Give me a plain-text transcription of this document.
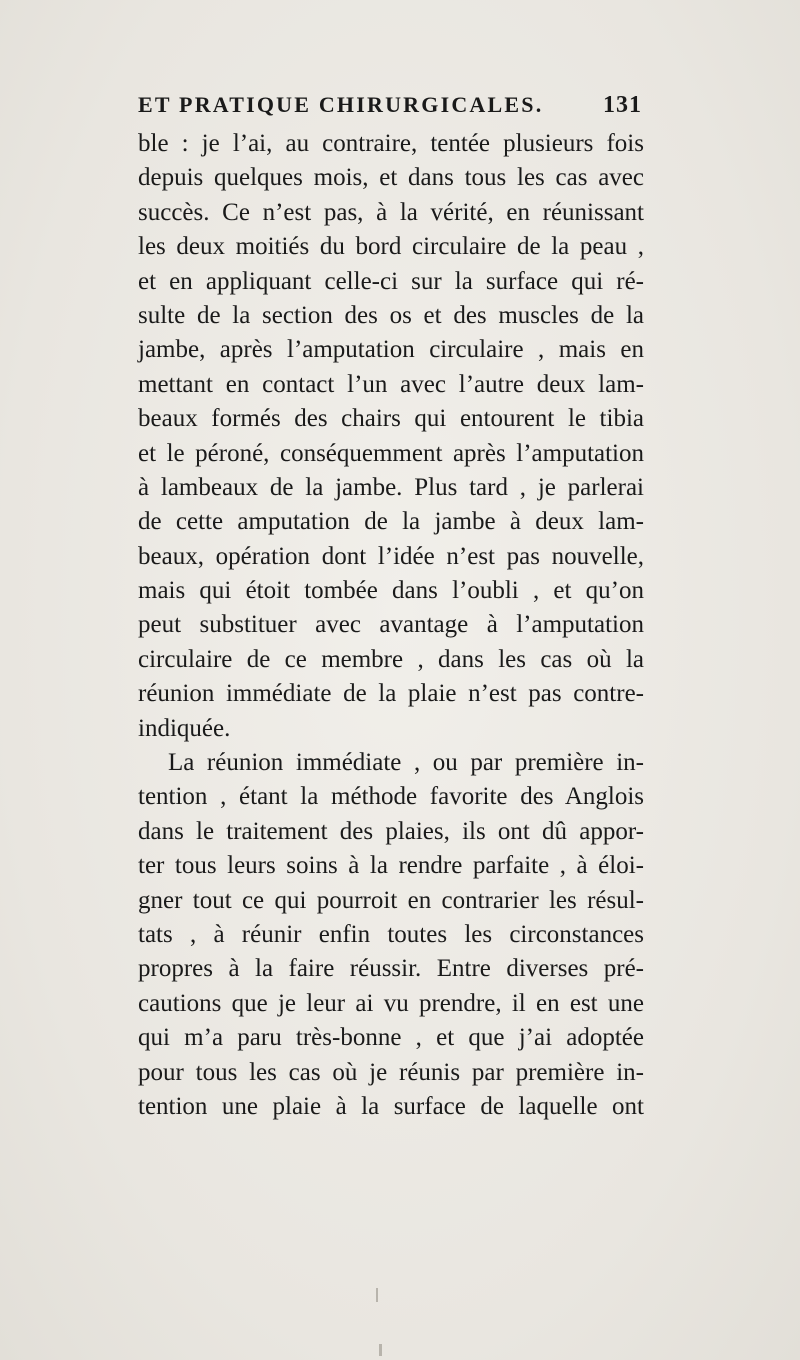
ET PRATIQUE CHIRURGICALES. 131
ble : je l’ai, au contraire, tentée plusieurs fois
depuis quelques mois, et dans tous les cas avec
succès. Ce n’est pas, à la vérité, en réunissant
les deux moitiés du bord circulaire de la peau ,
et en appliquant celle-ci sur la surface qui ré-
sulte de la section des os et des muscles de la
jambe, après l’amputation circulaire , mais en
mettant en contact l’un avec l’autre deux lam-
beaux formés des chairs qui entourent le tibia
et le péroné, conséquemment après l’amputation
à lambeaux de la jambe. Plus tard , je parlerai
de cette amputation de la jambe à deux lam-
beaux, opération dont l’idée n’est pas nouvelle,
mais qui étoit tombée dans l’oubli , et qu’on
peut substituer avec avantage à l’amputation
circulaire de ce membre , dans les cas où la
réunion immédiate de la plaie n’est pas contre-
indiquée.
La réunion immédiate , ou par première in-
tention , étant la méthode favorite des Anglois
dans le traitement des plaies, ils ont dû appor-
ter tous leurs soins à la rendre parfaite , à éloi-
gner tout ce qui pourroit en contrarier les résul-
tats , à réunir enfin toutes les circonstances
propres à la faire réussir. Entre diverses pré-
cautions que je leur ai vu prendre, il en est une
qui m’a paru très-bonne , et que j’ai adoptée
pour tous les cas où je réunis par première in-
tention une plaie à la surface de laquelle ont
